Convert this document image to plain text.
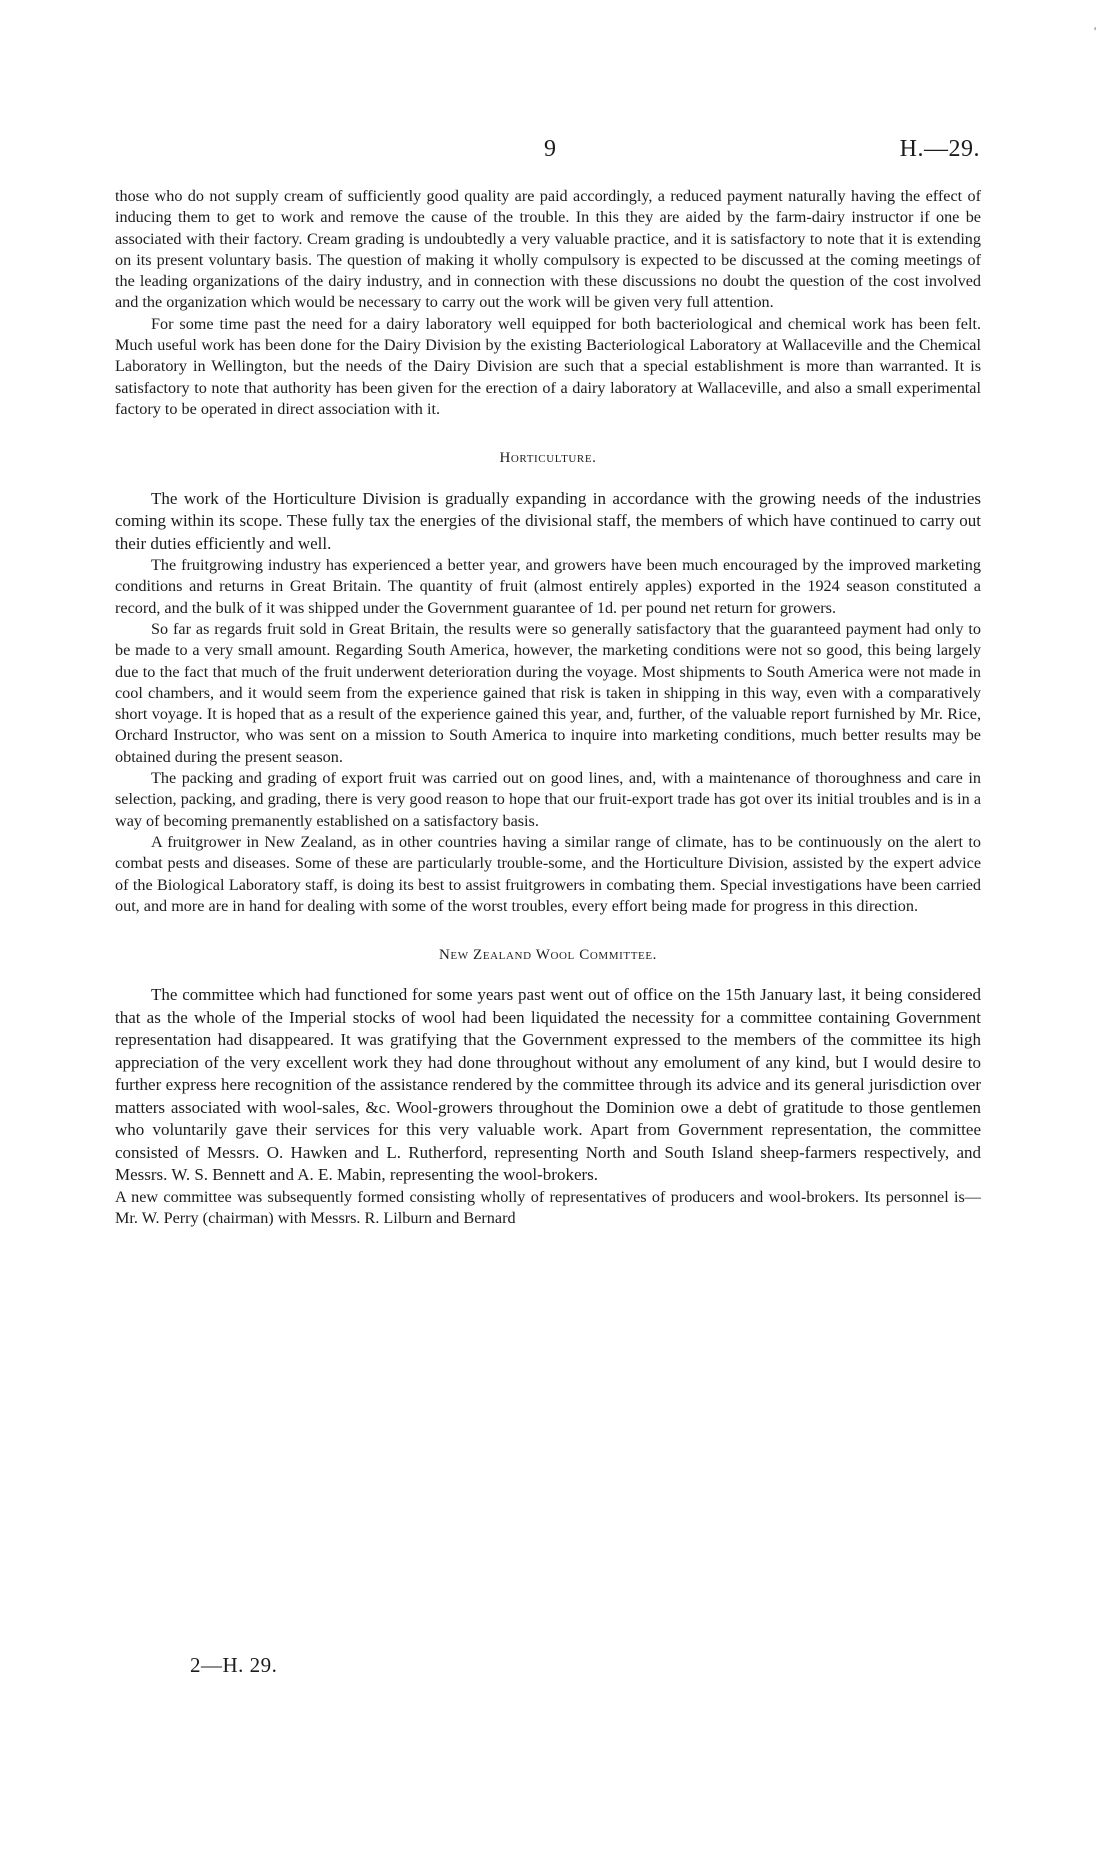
'
9	H.—29.

those who do not supply cream of sufficiently good quality are paid accordingly, a reduced payment naturally having the effect of inducing them to get to work and remove the cause of the trouble. In this they are aided by the farm-dairy instructor if one be associated with their factory. Cream grading is undoubtedly a very valuable practice, and it is satisfactory to note that it is extending on its present voluntary basis. The question of making it wholly compulsory is expected to be discussed at the coming meetings of the leading organizations of the dairy industry, and in connection with these discussions no doubt the question of the cost involved and the organization which would be necessary to carry out the work will be given very full attention.

For some time past the need for a dairy laboratory well equipped for both bacteriological and chemical work has been felt. Much useful work has been done for the Dairy Division by the existing Bacteriological Laboratory at Wallaceville and the Chemical Laboratory in Wellington, but the needs of the Dairy Division are such that a special establishment is more than warranted. It is satisfactory to note that authority has been given for the erection of a dairy laboratory at Wallaceville, and also a small experimental factory to be operated in direct association with it.

Horticulture.

The work of the Horticulture Division is gradually expanding in accordance with the growing needs of the industries coming within its scope. These fully tax the energies of the divisional staff, the members of which have continued to carry out their duties efficiently and well.

The fruitgrowing industry has experienced a better year, and growers have been much encouraged by the improved marketing conditions and returns in Great Britain. The quantity of fruit (almost entirely apples) exported in the 1924 season constituted a record, and the bulk of it was shipped under the Government guarantee of 1d. per pound net return for growers.

So far as regards fruit sold in Great Britain, the results were so generally satisfactory that the guaranteed payment had only to be made to a very small amount. Regarding South America, however, the marketing conditions were not so good, this being largely due to the fact that much of the fruit underwent deterioration during the voyage. Most shipments to South America were not made in cool chambers, and it would seem from the experience gained that risk is taken in shipping in this way, even with a comparatively short voyage. It is hoped that as a result of the experience gained this year, and, further, of the valuable report furnished by Mr. Rice, Orchard Instructor, who was sent on a mission to South America to inquire into marketing conditions, much better results may be obtained during the present season.

The packing and grading of export fruit was carried out on good lines, and, with a maintenance of thoroughness and care in selection, packing, and grading, there is very good reason to hope that our fruit-export trade has got over its initial troubles and is in a way of becoming premanently established on a satisfactory basis.

A fruitgrower in New Zealand, as in other countries having a similar range of climate, has to be continuously on the alert to combat pests and diseases. Some of these are particularly trouble-some, and the Horticulture Division, assisted by the expert advice of the Biological Laboratory staff, is doing its best to assist fruitgrowers in combating them. Special investigations have been carried out, and more are in hand for dealing with some of the worst troubles, every effort being made for progress in this direction.

New Zealand Wool Committee.

The committee which had functioned for some years past went out of office on the 15th January last, it being considered that as the whole of the Imperial stocks of wool had been liquidated the necessity for a committee containing Government representation had disappeared. It was gratifying that the Government expressed to the members of the committee its high appreciation of the very excellent work they had done throughout without any emolument of any kind, but I would desire to further express here recognition of the assistance rendered by the committee through its advice and its general jurisdiction over matters associated with wool-sales, &c. Wool-growers throughout the Dominion owe a debt of gratitude to those gentlemen who voluntarily gave their services for this very valuable work. Apart from Government representation, the committee consisted of Messrs. O. Hawken and L. Rutherford, representing North and South Island sheep-farmers respectively, and Messrs. W. S. Bennett and A. E. Mabin, representing the wool-brokers.

A new committee was subsequently formed consisting wholly of representatives of producers and wool-brokers. Its personnel is—Mr. W. Perry (chairman) with Messrs. R. Lilburn and Bernard

2—H. 29.
